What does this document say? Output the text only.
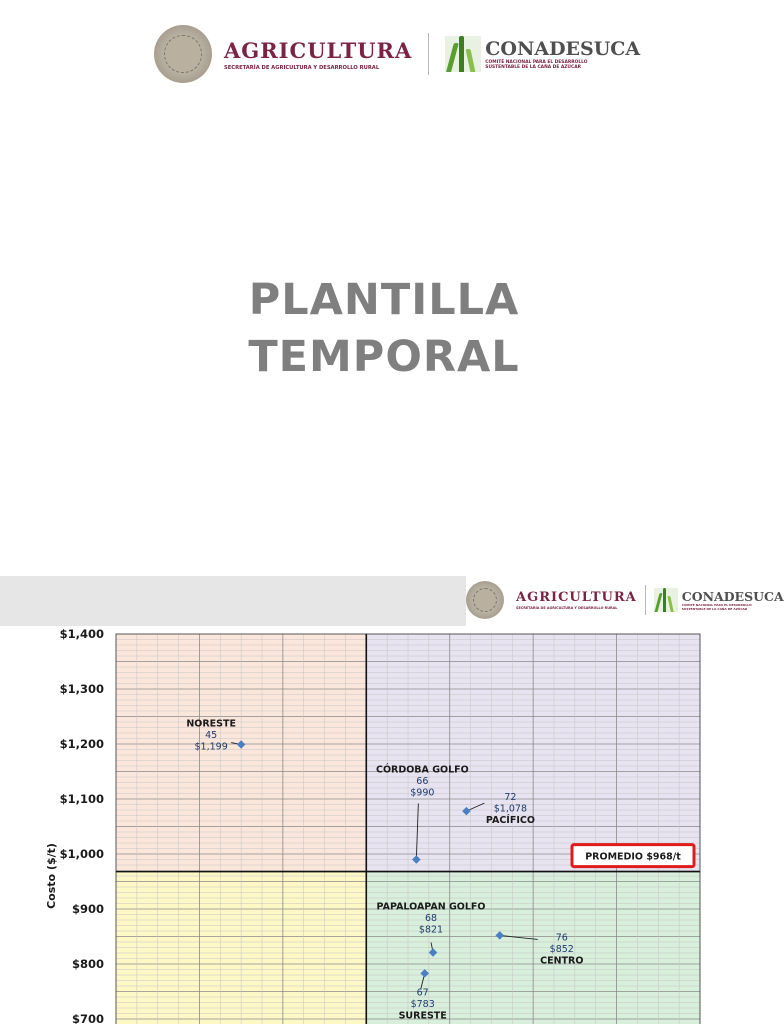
AGRICULTURA
SECRETARÍA DE AGRICULTURA Y DESARROLLO RURAL
CONADESUCA
COMITÉ NACIONAL PARA EL DESARROLLO
SUSTENTABLE DE LA CAÑA DE AZÚCAR
PLANTILLA
TEMPORAL
AGRICULTURA
SECRETARÍA DE AGRICULTURA Y DESARROLLO RURAL
CONADESUCA
COMITÉ NACIONAL PARA EL DESARROLLO
SUSTENTABLE DE LA CAÑA DE AZÚCAR
$1,400
$1,300
$1,200
$1,100
$1,000
$900
$800
$700
Costo ($/t)	PROMEDIO $968/t
NORESTE
45
$1,199
CÓRDOBA GOLFO
66
$990	72
$1,078
PACÍFICO
PAPALOAPAN GOLFO
68
$821
76
$852
CENTRO
67
$783
SURESTE
